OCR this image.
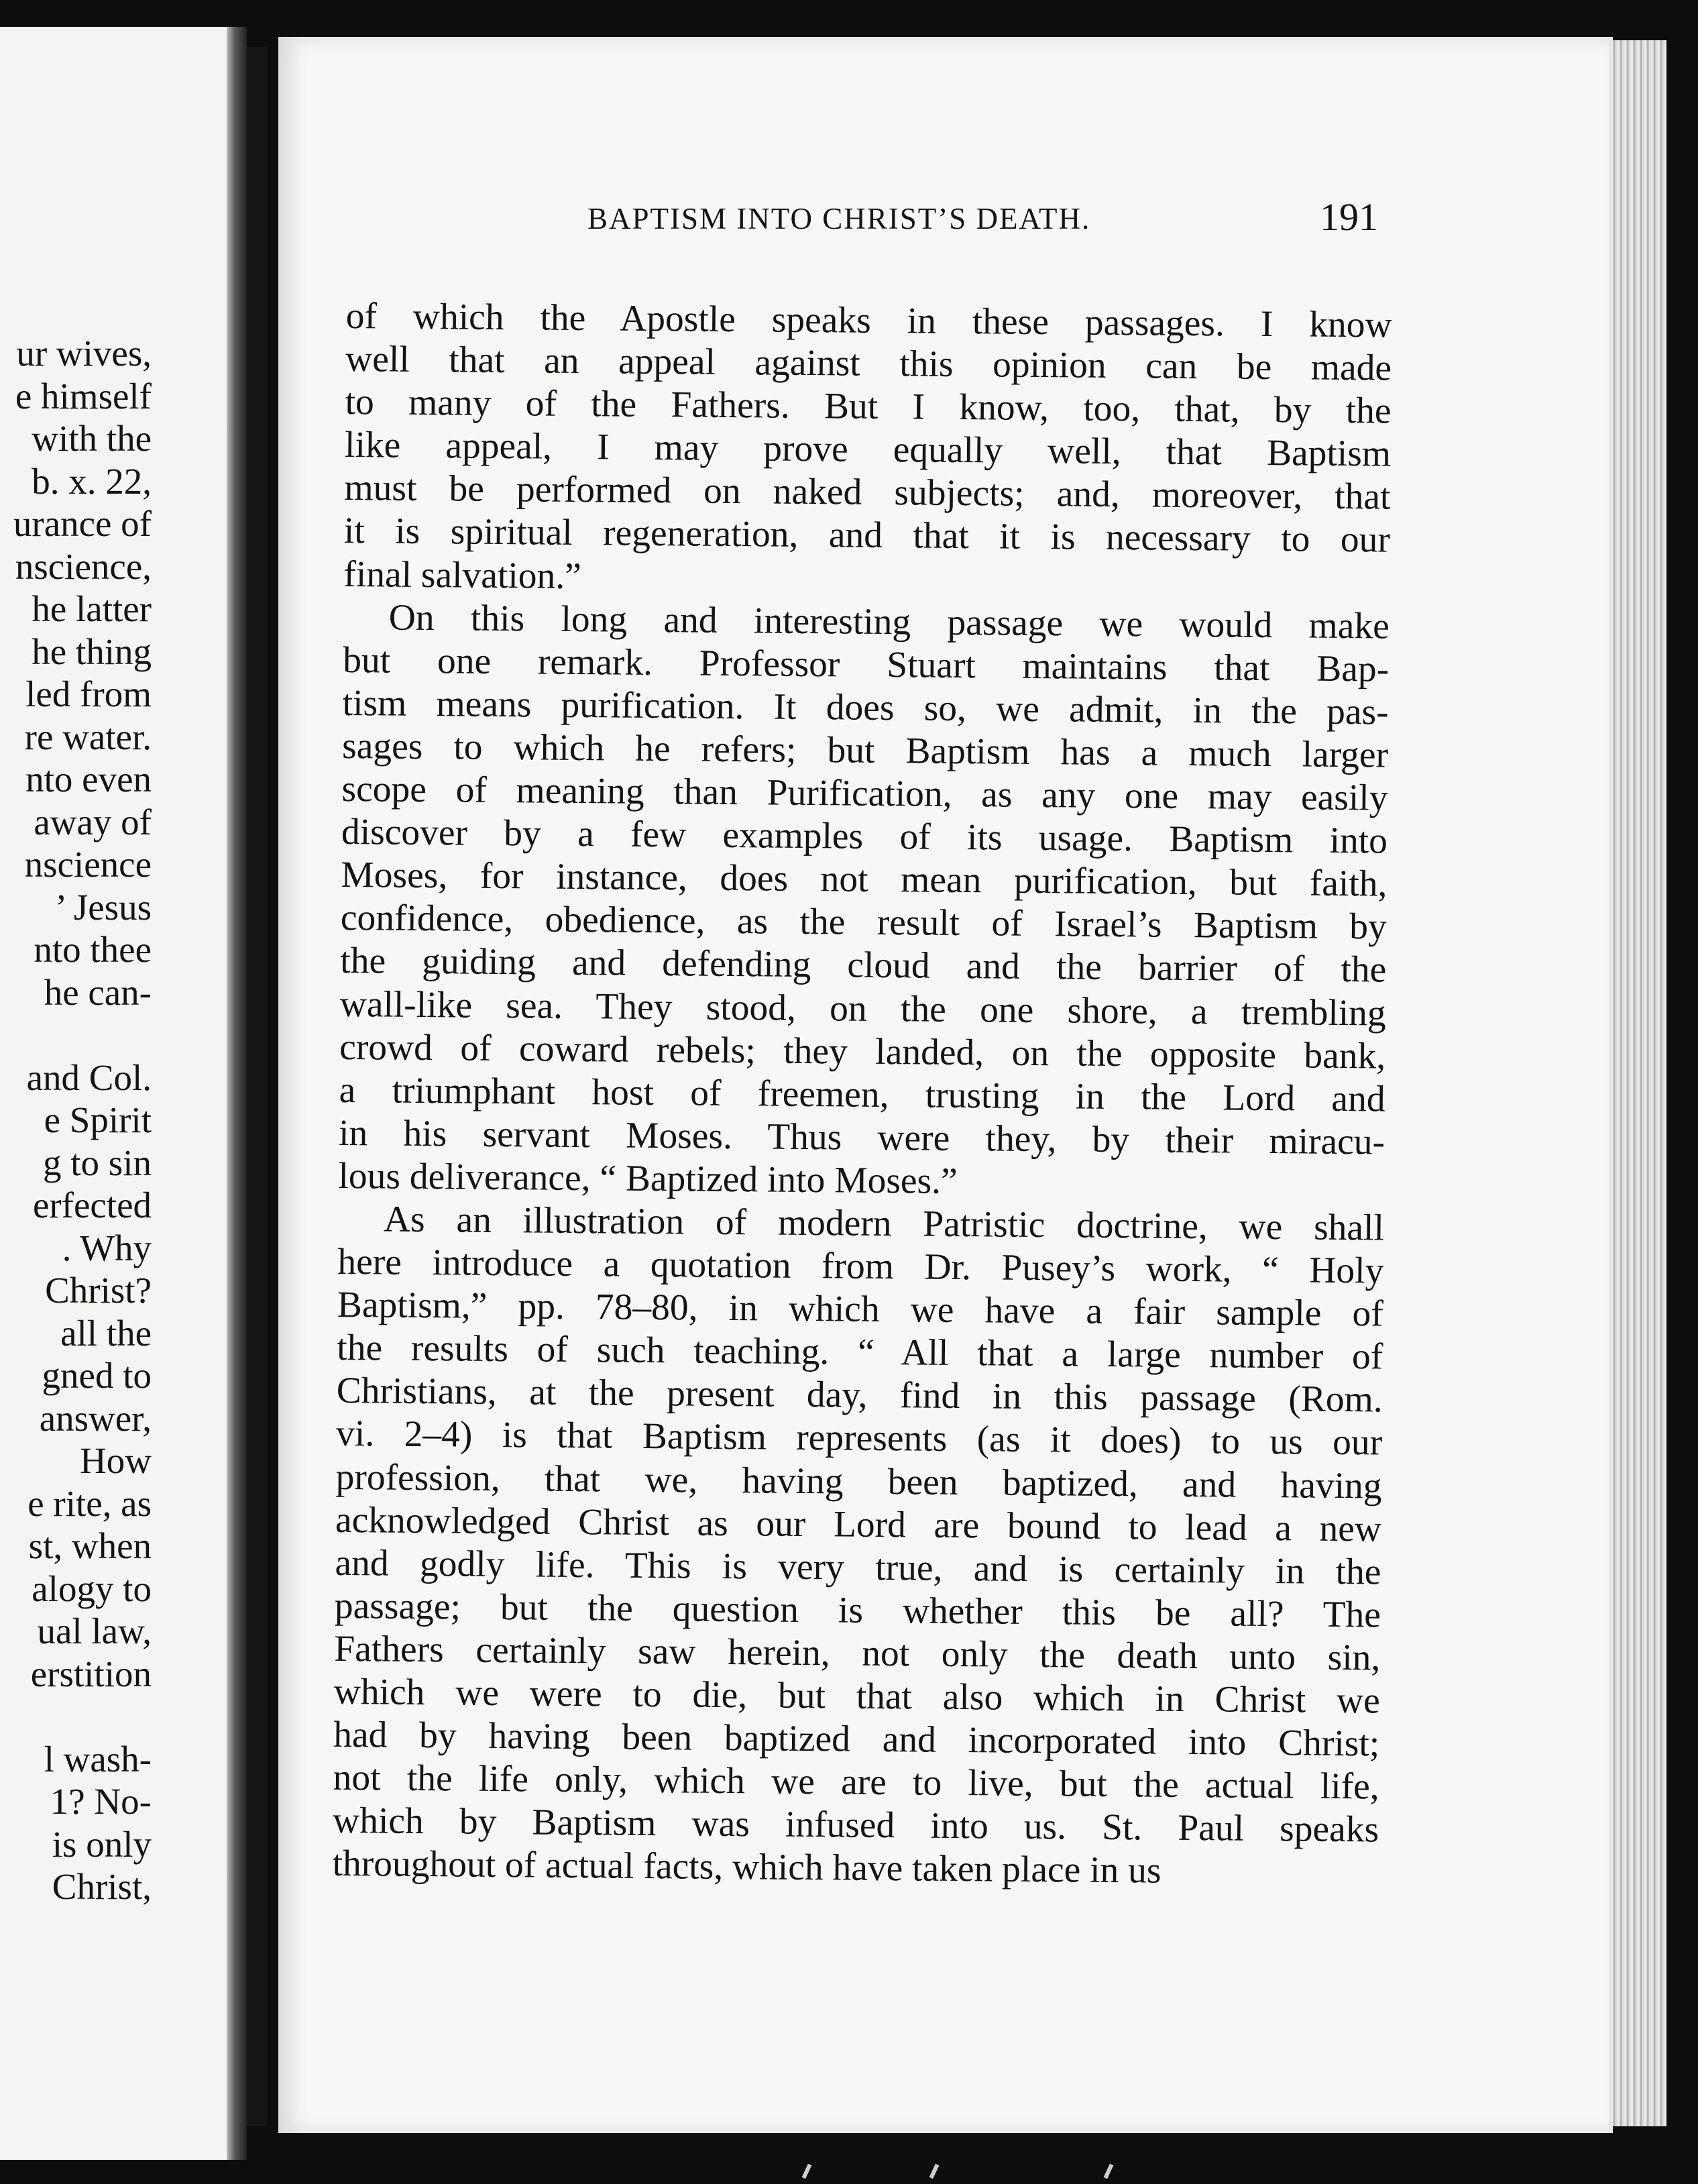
ur wives,
e himself
with the
b. x. 22,
urance of
nscience,
he latter
he thing
led from
re water.
nto even
away of
nscience
’ Jesus
nto thee
he can-
and Col.
e Spirit
g to sin
erfected
. Why
Christ?
all the
gned to
answer,
How
e rite, as
st, when
alogy to
ual law,
erstition
l wash-
1? No-
is only
Christ,
BAPTISM INTO CHRIST’S DEATH.	191
of which the Apostle speaks in these passages. I know
well that an appeal against this opinion can be made
to many of the Fathers. But I know, too, that, by the
like appeal, I may prove equally well, that Baptism
must be performed on naked subjects; and, moreover, that
it is spiritual regeneration, and that it is necessary to our
final salvation.”
On this long and interesting passage we would make
but one remark. Professor Stuart maintains that Bap-
tism means purification. It does so, we admit, in the pas-
sages to which he refers; but Baptism has a much larger
scope of meaning than Purification, as any one may easily
discover by a few examples of its usage. Baptism into
Moses, for instance, does not mean purification, but faith,
confidence, obedience, as the result of Israel’s Baptism by
the guiding and defending cloud and the barrier of the
wall-like sea. They stood, on the one shore, a trembling
crowd of coward rebels; they landed, on the opposite bank,
a triumphant host of freemen, trusting in the Lord and
in his servant Moses. Thus were they, by their miracu-
lous deliverance, “ Baptized into Moses.”
As an illustration of modern Patristic doctrine, we shall
here introduce a quotation from Dr. Pusey’s work, “ Holy
Baptism,” pp. 78–80, in which we have a fair sample of
the results of such teaching. “ All that a large number of
Christians, at the present day, find in this passage (Rom.
vi. 2–4) is that Baptism represents (as it does) to us our
profession, that we, having been baptized, and having
acknowledged Christ as our Lord are bound to lead a new
and godly life. This is very true, and is certainly in the
passage; but the question is whether this be all? The
Fathers certainly saw herein, not only the death unto sin,
which we were to die, but that also which in Christ we
had by having been baptized and incorporated into Christ;
not the life only, which we are to live, but the actual life,
which by Baptism was infused into us. St. Paul speaks
throughout of actual facts, which have taken place in us
